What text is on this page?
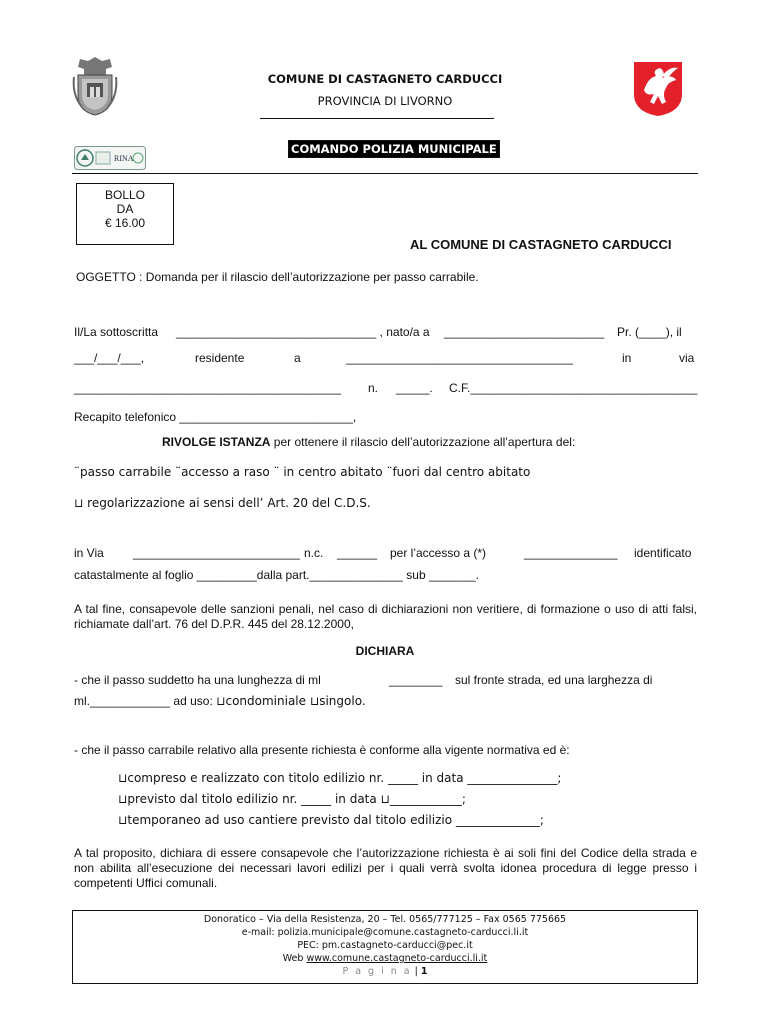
COMUNE DI CASTAGNETO CARDUCCI
PROVINCIA DI LIVORNO
RINA
COMANDO POLIZIA MUNICIPALE
BOLLO
DA
€ 16.00
AL COMUNE DI CASTAGNETO CARDUCCI
OGGETTO : Domanda per il rilascio dell’autorizzazione per passo carrabile.
Il/La sottoscritta ______________________________ , nato/a a ________________________ Pr. (____), il
___/___/___,	residente	a	__________________________________	in	via
________________________________________ n. _____. C.F.__________________________________
Recapito telefonico __________________________,
RIVOLGE ISTANZA per ottenere il rilascio dell’autorizzazione all’apertura del:
¨passo carrabile ¨accesso a raso ¨ in centro abitato ¨fuori dal centro abitato
⊔ regolarizzazione ai sensi dell’ Art. 20 del C.D.S.
in Via _________________________ n.c. ______ per l’accesso a (*)	______________ identificato
catastalmente al foglio _________dalla part.______________ sub _______.
A tal fine, consapevole delle sanzioni penali, nel caso di dichiarazioni non veritiere, di formazione o uso di atti falsi, richiamate dall’art. 76 del D.P.R. 445 del 28.12.2000,
DICHIARA
- che il passo suddetto ha una lunghezza di ml	________ sul fronte strada, ed una larghezza di
ml.____________ ad uso: ⊔condominiale ⊔singolo.
- che il passo carrabile relativo alla presente richiesta è conforme alla vigente normativa ed è:
⊔compreso e realizzato con titolo edilizio nr. _____ in data _______________;
⊔previsto dal titolo edilizio nr. _____ in data ⊔____________;
⊔temporaneo ad uso cantiere previsto dal titolo edilizio ______________;
A tal proposito, dichiara di essere consapevole che l’autorizzazione richiesta è ai soli fini del Codice della strada e non abilita all’esecuzione dei necessari lavori edilizi per i quali verrà svolta idonea procedura di legge presso i competenti Uffici comunali.
Donoratico – Via della Resistenza, 20 – Tel. 0565/777125 – Fax 0565 775665
e-mail: polizia.municipale@comune.castagneto-carducci.li.it
PEC: pm.castagneto-carducci@pec.it
Web www.comune.castagneto-carducci.li.it
P a g i n a | 1
